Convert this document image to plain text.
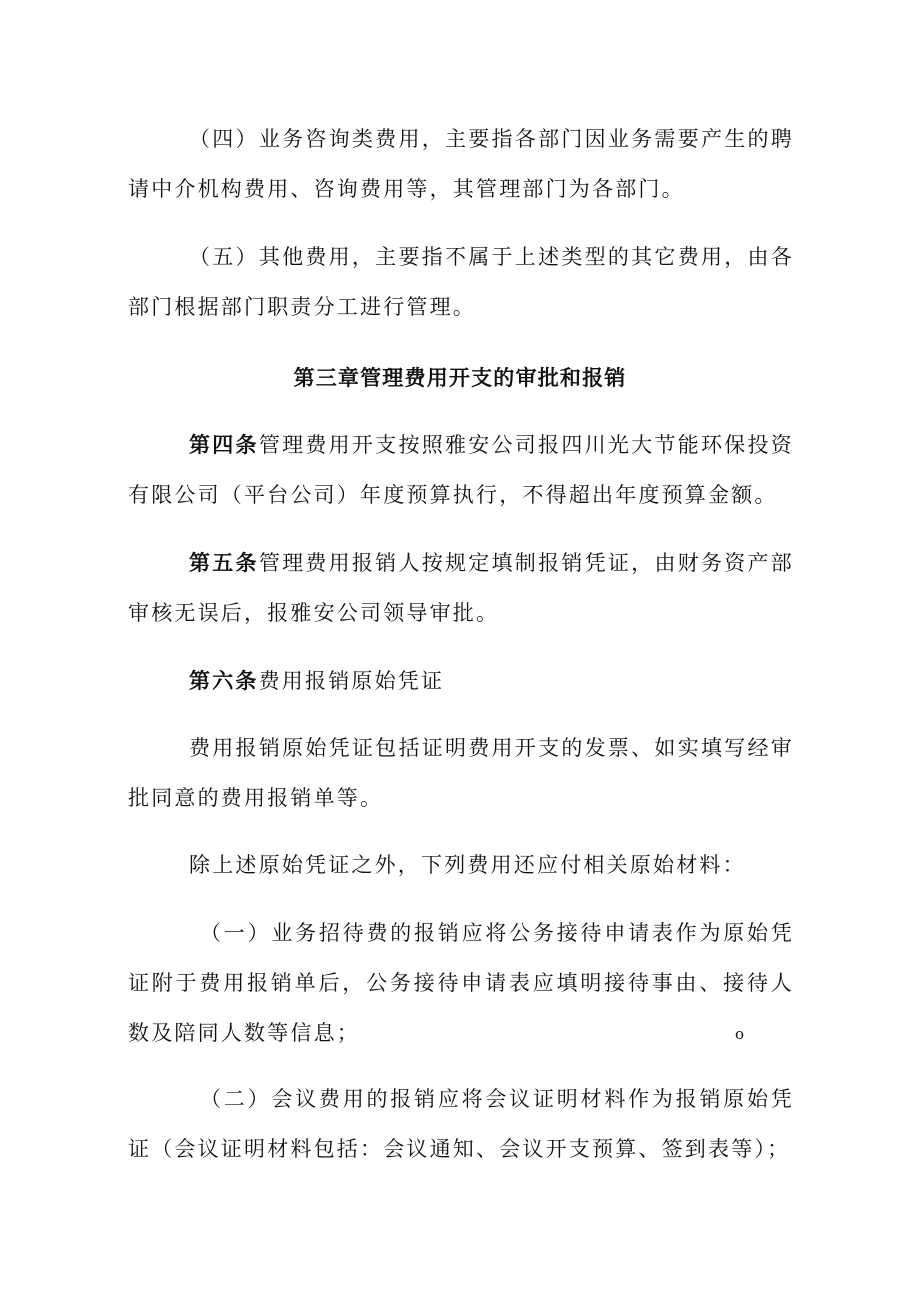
（四）业务咨询类费用，主要指各部门因业务需要产生的聘请中介机构费用、咨询费用等，其管理部门为各部门。

（五）其他费用，主要指不属于上述类型的其它费用，由各部门根据部门职责分工进行管理。

第三章管理费用开支的审批和报销

第四条管理费用开支按照雅安公司报四川光大节能环保投资有限公司（平台公司）年度预算执行，不得超出年度预算金额。

第五条管理费用报销人按规定填制报销凭证，由财务资产部审核无误后，报雅安公司领导审批。

第六条费用报销原始凭证

费用报销原始凭证包括证明费用开支的发票、如实填写经审批同意的费用报销单等。

除上述原始凭证之外，下列费用还应付相关原始材料：

（一）业务招待费的报销应将公务接待申请表作为原始凭证附于费用报销单后，公务接待申请表应填明接待事由、接待人数及陪同人数等信息；	o

（二）会议费用的报销应将会议证明材料作为报销原始凭证（会议证明材料包括：会议通知、会议开支预算、签到表等）；
